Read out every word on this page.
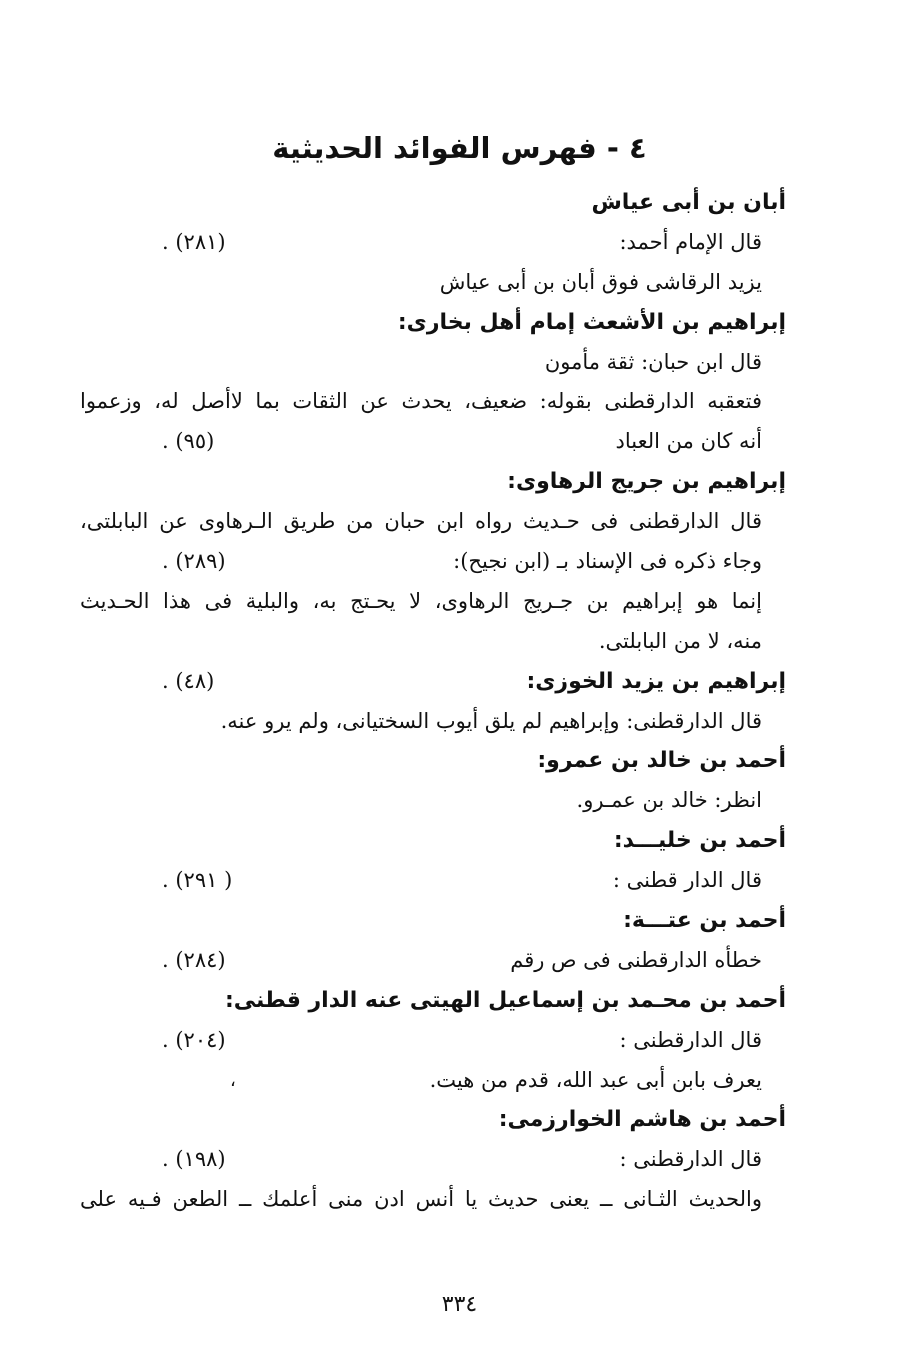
٤ - فهرس الفوائد الحديثية
أبان بن أبى عياش
قال الإمام أحمد:
(٢٨١) .
يزيد الرقاشى فوق أبان بن أبى عياش
إبراهيم بن الأشعث إمام أهل بخارى:
قال ابن حبان: ثقة مأمون
فتعقبه الدارقطنى بقوله: ضعيف، يحدث عن الثقات بما لاأصل له، وزعموا
أنه كان من العباد
(٩٥) .
إبراهيم بن جريج الرهاوى:
قال الدارقطنى فى حـديث رواه ابن حبان من طريق الـرهاوى عن البابلتى،
وجاء ذكره فى الإسناد بـ (ابن نجيح):
(٢٨٩) .
إنما هو إبراهيم بن جـريج الرهاوى، لا يحـتج به، والبلية فى هذا الحـديث
منه، لا من البابلتى.
إبراهيم بن يزيد الخوزى:
(٤٨) .
قال الدارقطنى: وإبراهيم لم يلق أيوب السختيانى، ولم يرو عنه.
أحمد بن خالد بن عمرو:
انظر: خالد بن عمـرو.
أحمد بن خليـــد:
قال الدار قطنى :
( ٢٩١) .
أحمد بن عتـــة:
خطأه الدارقطنى فى ص رقم
(٢٨٤) .
أحمد بن محـمد بن إسماعيل الهيتى عنه الدار قطنى:
قال الدارقطنى :
(٢٠٤) .
يعرف بابن أبى عبد الله، قدم من هيت.
،
أحمد بن هاشم الخوارزمى:
قال الدارقطنى :
(١٩٨) .
والحديث الثـانى ــ يعنى حديث يا أنس ادن منى أعلمك ــ الطعن فـيه على
٣٣٤
